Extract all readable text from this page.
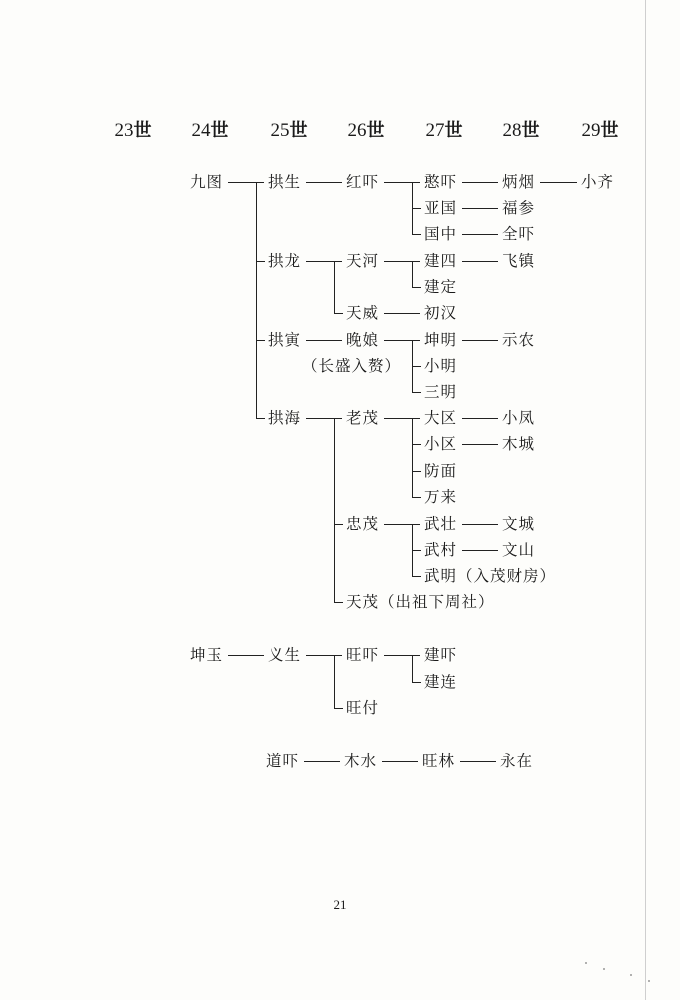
23世 24世 25世 26世 27世 28世 29世
九图	拱生	红吓	憨吓	炳烟	小齐
亚国	福参
国中	全吓
拱龙	天河	建四	飞镇
建定
天威	初汉
拱寅	晚娘
（长盛入赘）
坤明	示农
小明
三明
拱海	老茂	大区	小凤
小区	木城
防面
万来
忠茂	武壮	文城
武村	文山
武明（入茂财房）
天茂（出祖下周社）
坤玉	义生	旺吓	建吓
建连
旺付
道吓	木水	旺林	永在
21
